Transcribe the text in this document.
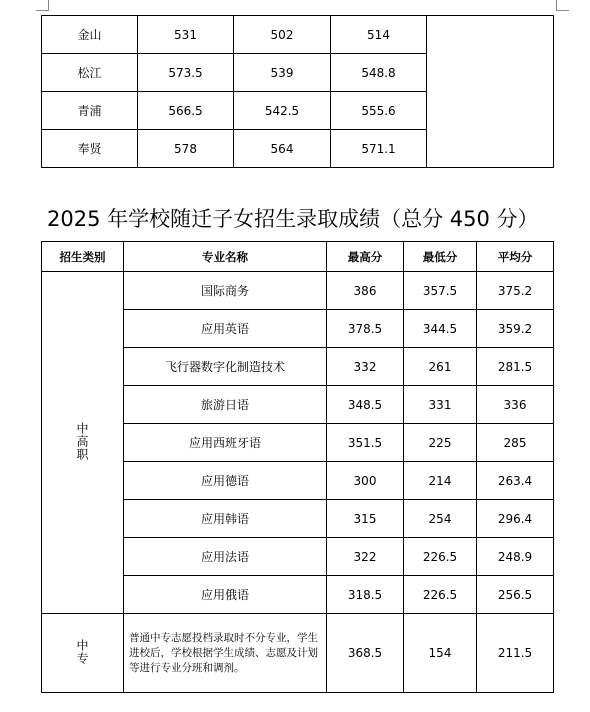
金山	531	502	514	
松江	573.5	539	548.8	
青浦	566.5	542.5	555.6	
奉贤	578	564	571.1	
2025 年学校随迁子女招生录取成绩（总分 450 分）
招生类别	专业名称	最高分	最低分	平均分
中高职	国际商务	386	357.5	375.2
	应用英语	378.5	344.5	359.2
	飞行器数字化制造技术	332	261	281.5
	旅游日语	348.5	331	336
	应用西班牙语	351.5	225	285
	应用德语	300	214	263.4
	应用韩语	315	254	296.4
	应用法语	322	226.5	248.9
	应用俄语	318.5	226.5	256.5
中专	普通中专志愿投档录取时不分专业，学生进校后，学校根据学生成绩、志愿及计划等进行专业分班和调剂。	368.5	154	211.5
